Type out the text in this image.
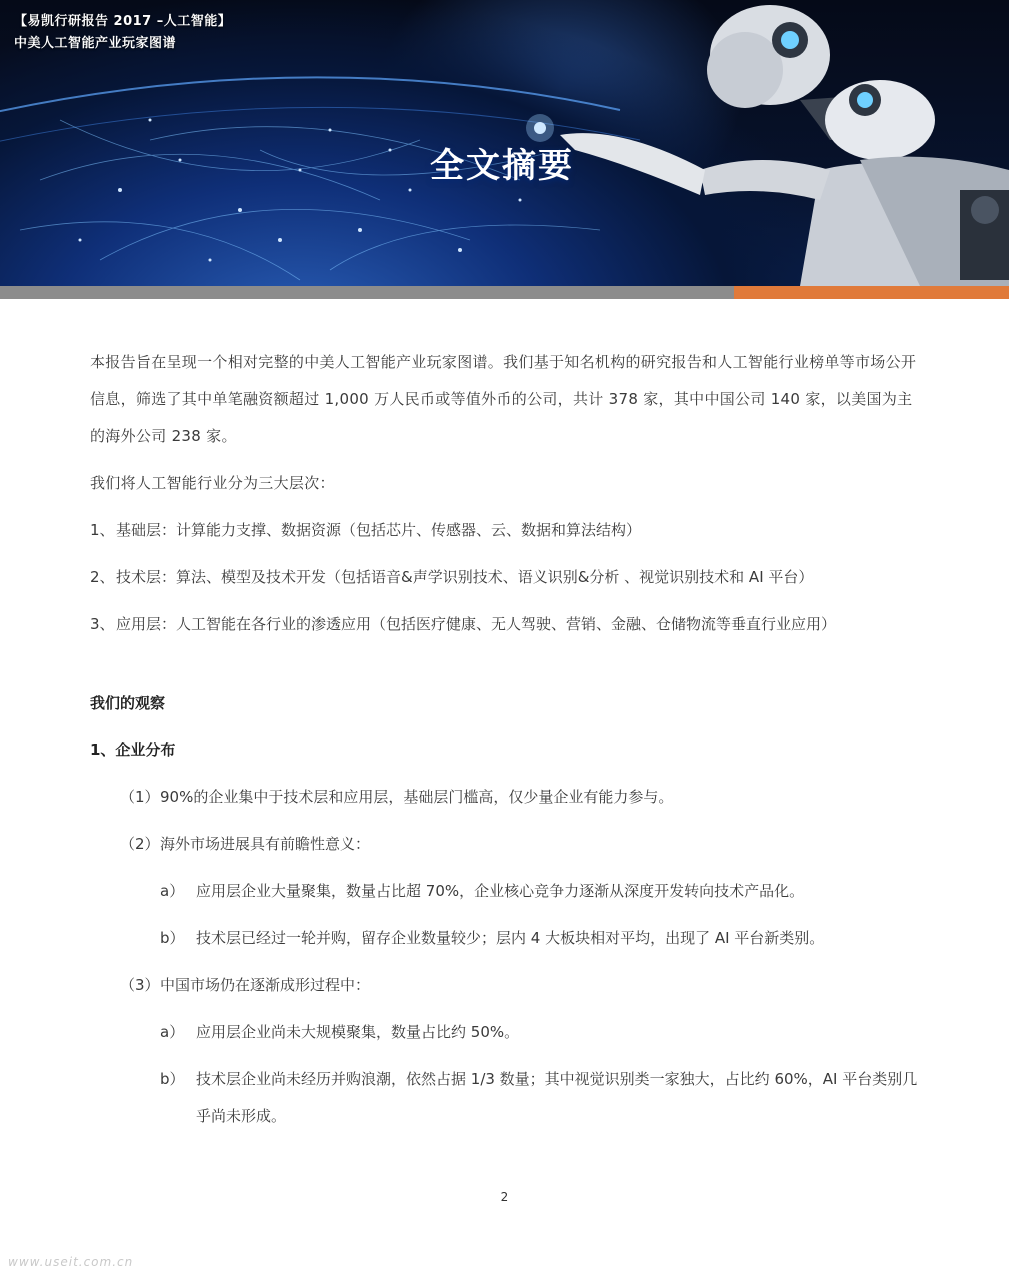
【易凯行研报告 2017 –人工智能】
中美人工智能产业玩家图谱
全文摘要

本报告旨在呈现一个相对完整的中美人工智能产业玩家图谱。我们基于知名机构的研究报告和人工智能行业榜单等市场公开信息，筛选了其中单笔融资额超过 1,000 万人民币或等值外币的公司，共计 378 家，其中中国公司 140 家，以美国为主的海外公司 238 家。

我们将人工智能行业分为三大层次：

1、 基础层：计算能力支撑、数据资源（包括芯片、传感器、云、数据和算法结构）

2、 技术层：算法、模型及技术开发（包括语音&声学识别技术、语义识别&分析 、视觉识别技术和 AI 平台）

3、 应用层：人工智能在各行业的渗透应用（包括医疗健康、无人驾驶、营销、金融、仓储物流等垂直行业应用）

我们的观察

1、企业分布

（1） 90%的企业集中于技术层和应用层，基础层门槛高，仅少量企业有能力参与。

（2） 海外市场进展具有前瞻性意义：

a） 应用层企业大量聚集，数量占比超 70%，企业核心竞争力逐渐从深度开发转向技术产品化。

b） 技术层已经过一轮并购，留存企业数量较少；层内 4 大板块相对平均，出现了 AI 平台新类别。

（3） 中国市场仍在逐渐成形过程中：

a） 应用层企业尚未大规模聚集，数量占比约 50%。

b） 技术层企业尚未经历并购浪潮，依然占据 1/3 数量；其中视觉识别类一家独大，占比约 60%，AI 平台类别几乎尚未形成。

2
www.useit.com.cn
